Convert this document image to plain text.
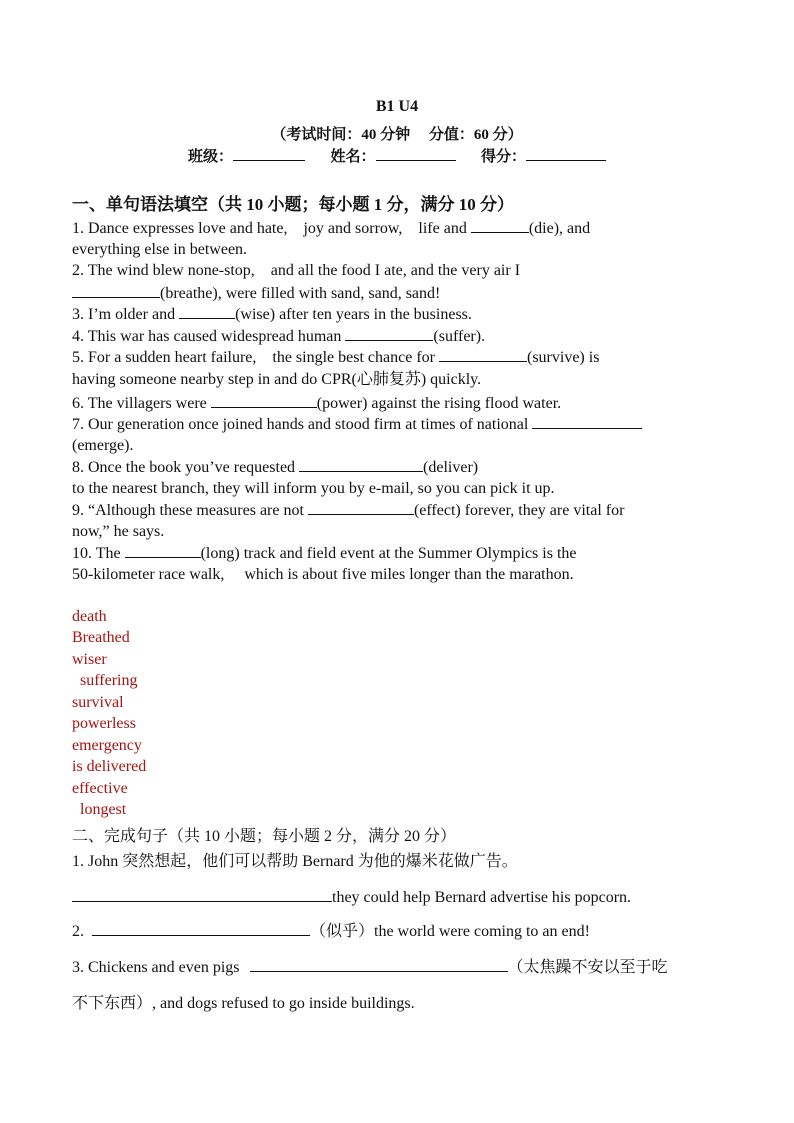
B1 U4
（考试时间：40 分钟　 分值：60 分）
班级：	姓名：	得分：
一、单句语法填空（共 10 小题；每小题 1 分，满分 10 分）
1. Dance expresses love and hate,　joy and sorrow,　life and	(die), and
everything else in between.
2. The wind blew none-stop,　and all the food I ate, and the very air I
(breathe), were filled with sand, sand, sand!
3. I’m older and	(wise) after ten years in the business.
4. This war has caused widespread human	(suffer).
5. For a sudden heart failure,　the single best chance for	(survive) is
having someone nearby step in and do CPR(心肺复苏) quickly.
6. The villagers were	(power) against the rising flood water.
7. Our generation once joined hands and stood firm at times of national
(emerge).
8. Once the book you’ve requested	(deliver)
to the nearest branch, they will inform you by e-mail, so you can pick it up.
9. “Although these measures are not	(effect) forever, they are vital for
now,” he says.
10. The	(long) track and field event at the Summer Olympics is the
50-kilometer race walk,　 which is about five miles longer than the marathon.
death
Breathed
wiser
suffering
survival
powerless
emergency
is delivered
effective
longest
二、完成句子（共 10 小题；每小题 2 分，满分 20 分）
1. John 突然想起，他们可以帮助 Bernard 为他的爆米花做广告。
they could help Bernard advertise his popcorn.
2.	（似乎）the world were coming to an end!
3. Chickens and even pigs	（太焦躁不安以至于吃
不下东西）, and dogs refused to go inside buildings.
